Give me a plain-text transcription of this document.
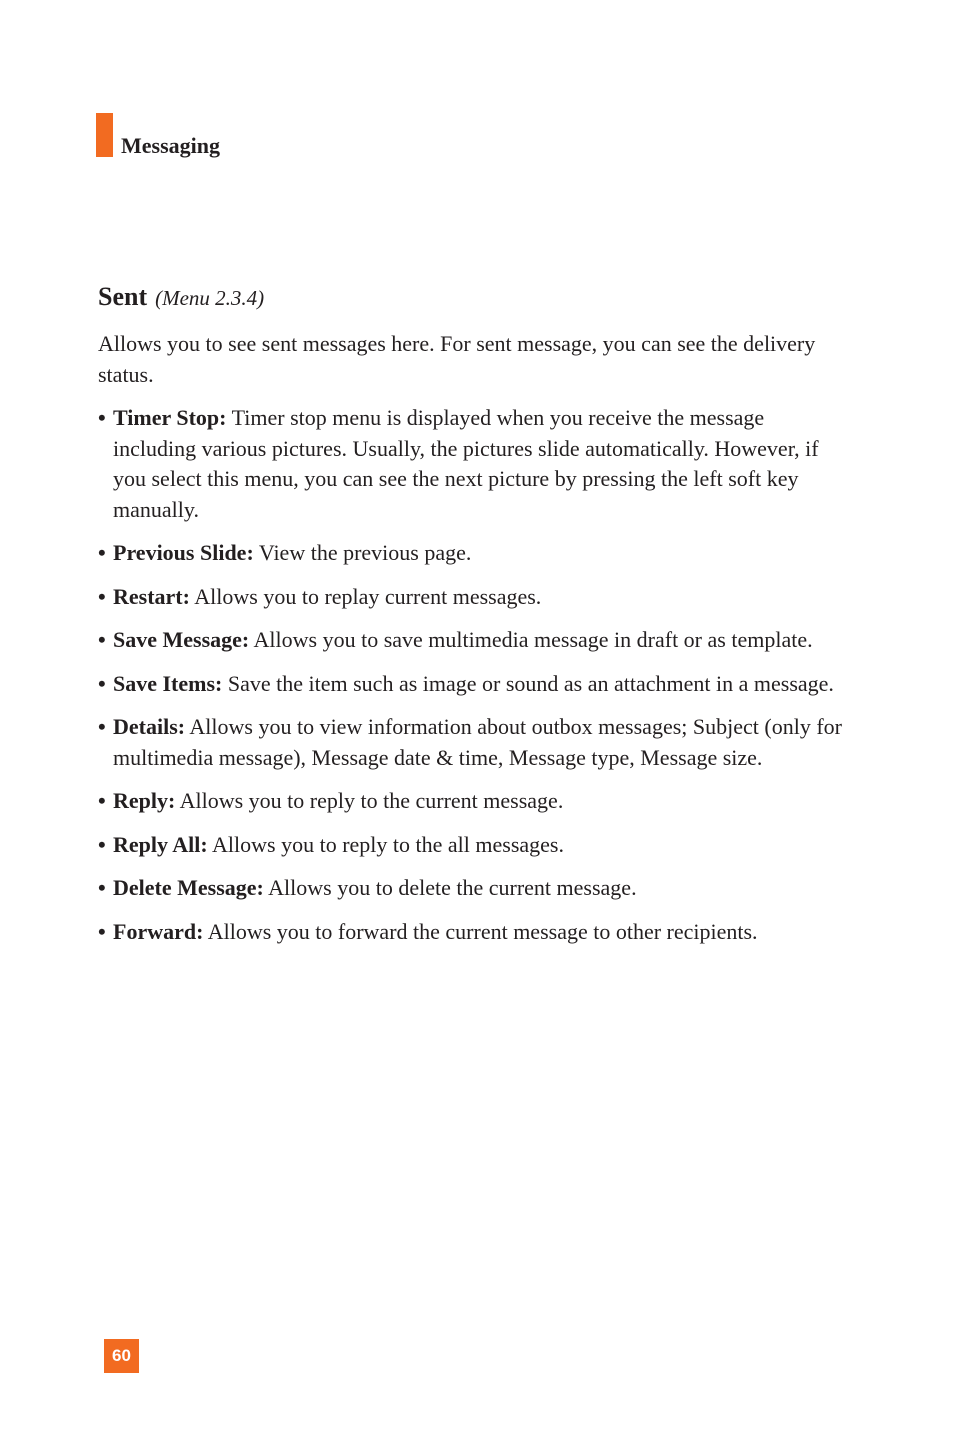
Messaging
Sent (Menu 2.3.4)

Allows you to see sent messages here. For sent message, you can see the delivery status.

• Timer Stop: Timer stop menu is displayed when you receive the message including various pictures. Usually, the pictures slide automatically. However, if you select this menu, you can see the next picture by pressing the left soft key manually.
• Previous Slide: View the previous page.
• Restart: Allows you to replay current messages.
• Save Message: Allows you to save multimedia message in draft or as template.
• Save Items: Save the item such as image or sound as an attachment in a message.
• Details: Allows you to view information about outbox messages; Subject (only for multimedia message), Message date & time, Message type, Message size.
• Reply: Allows you to reply to the current message.
• Reply All: Allows you to reply to the all messages.
• Delete Message: Allows you to delete the current message.
• Forward: Allows you to forward the current message to other recipients.
60
